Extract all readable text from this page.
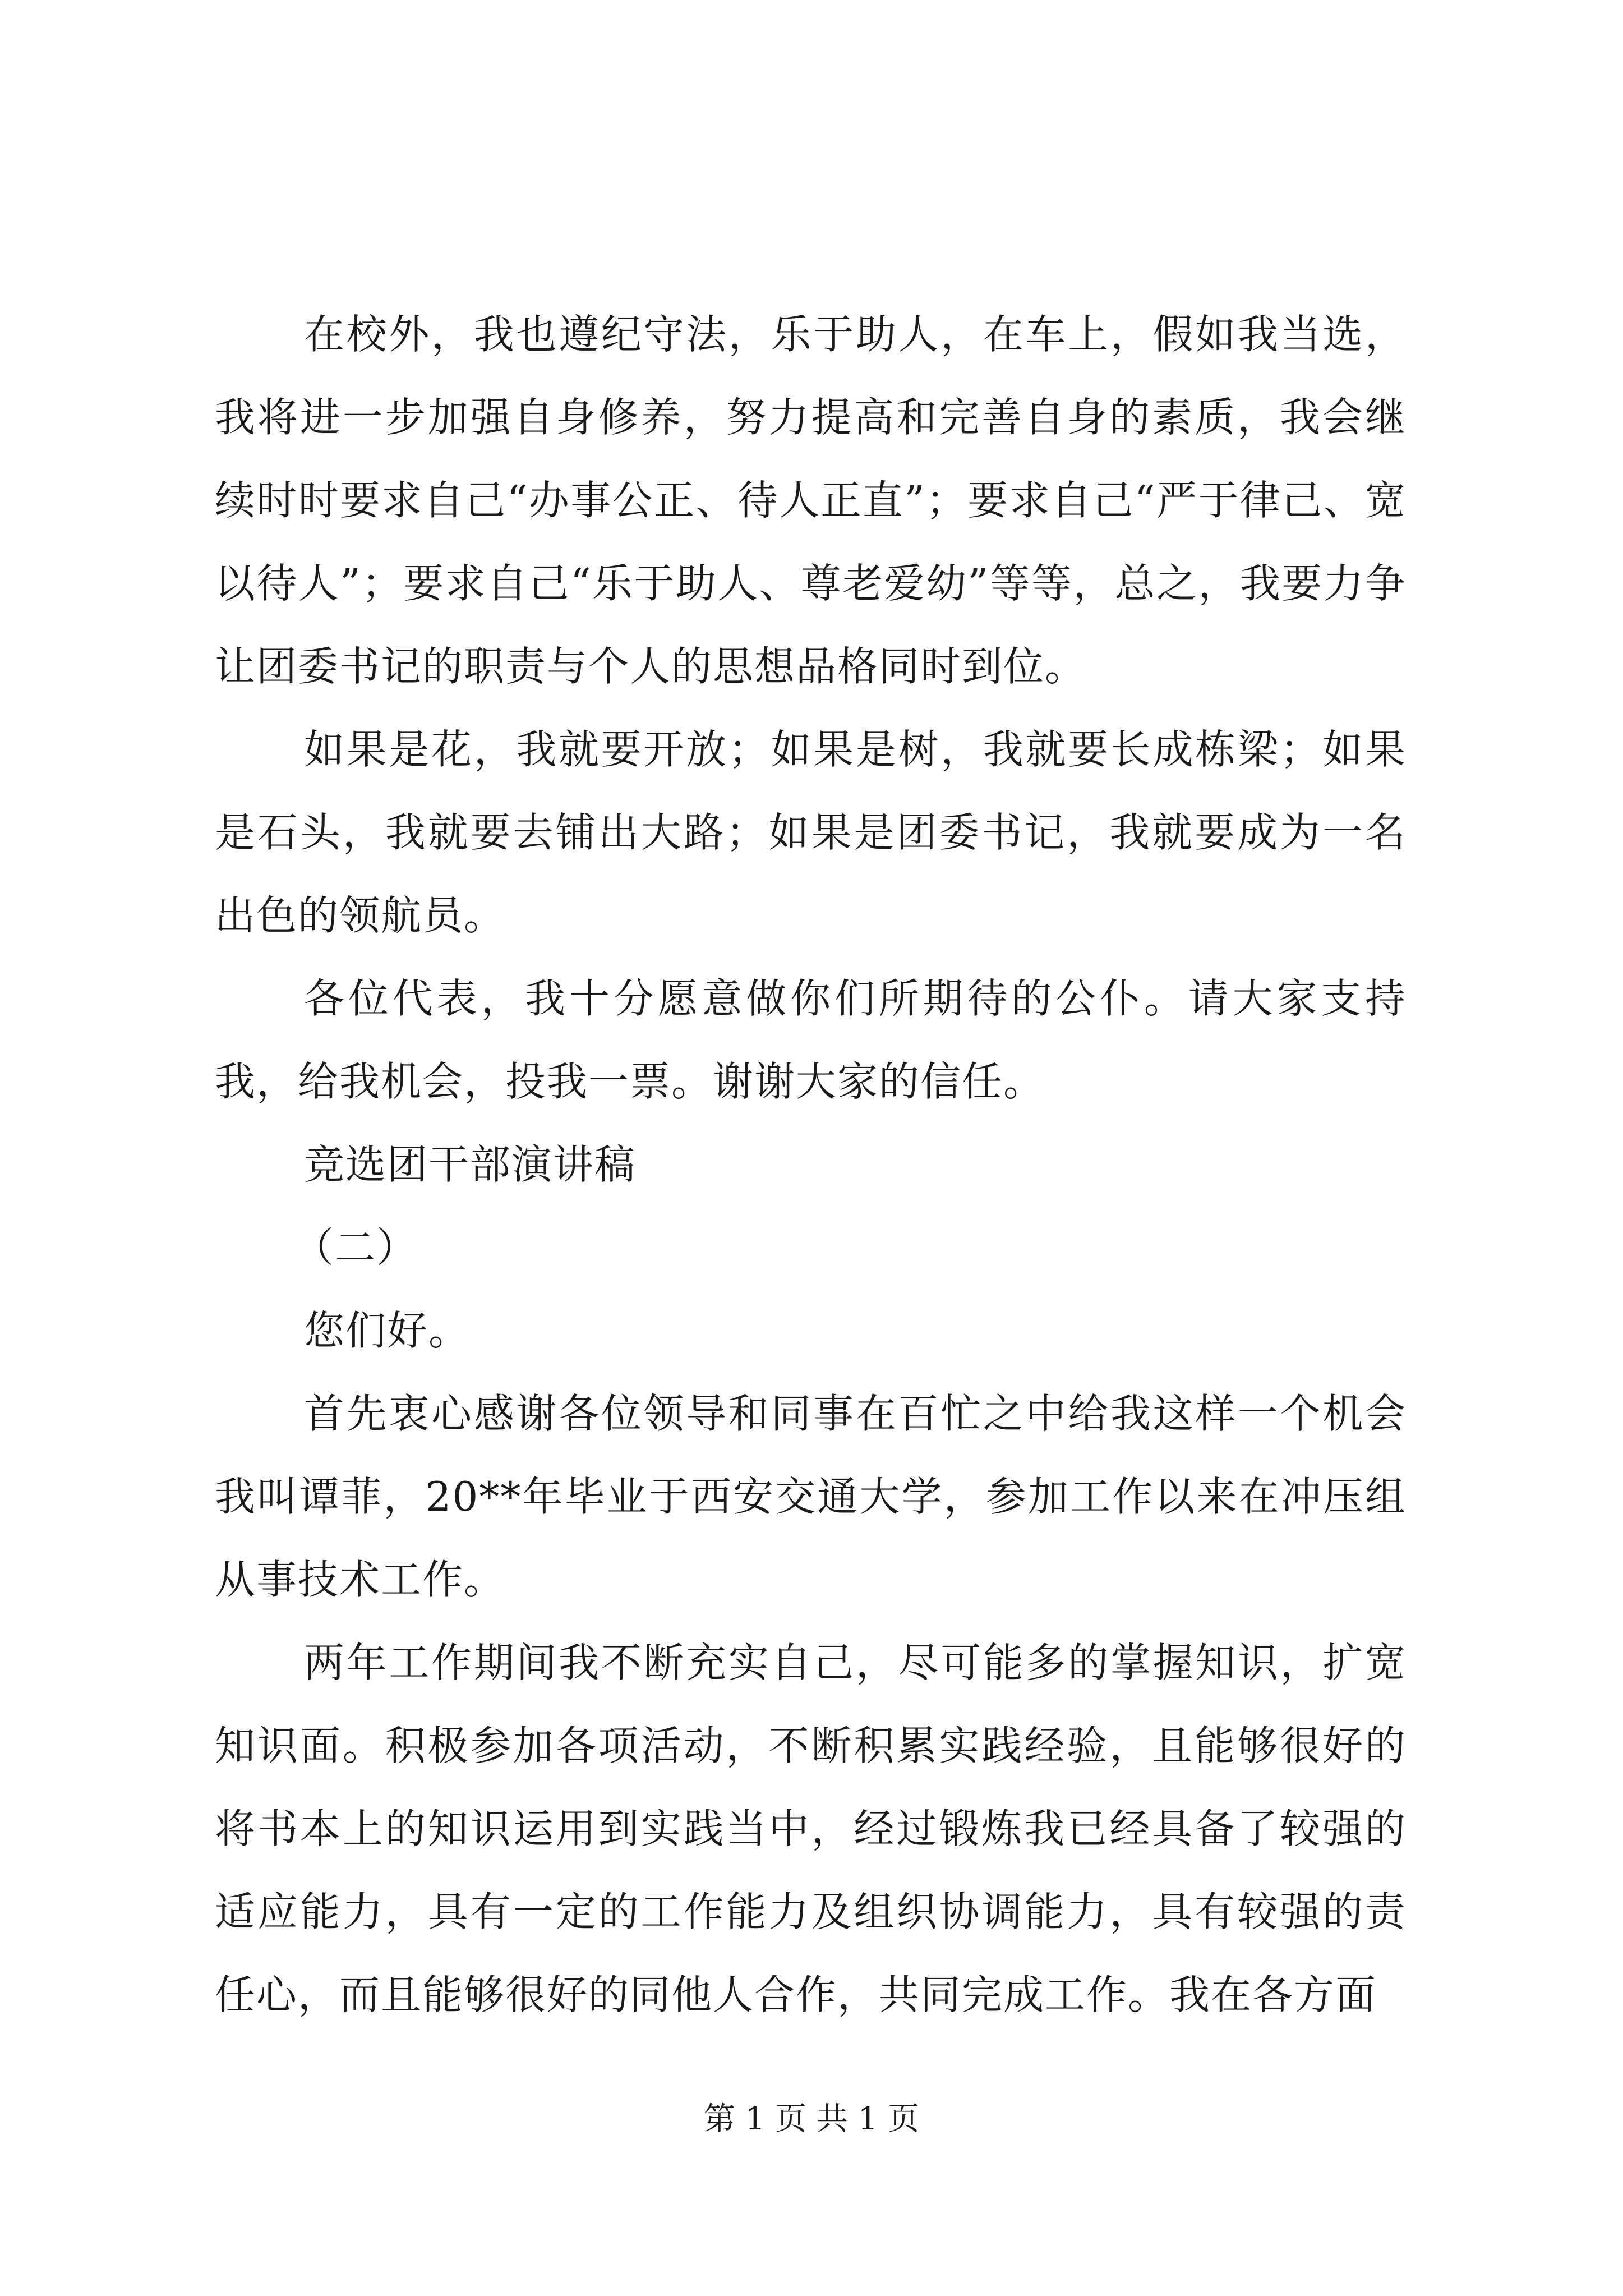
在校外，我也遵纪守法，乐于助人，在车上，假如我当选，我将进一步加强自身修养，努力提高和完善自身的素质，我会继续时时要求自己“办事公正、待人正直”；要求自己“严于律己、宽以待人”；要求自己“乐于助人、尊老爱幼”等等，总之，我要力争让团委书记的职责与个人的思想品格同时到位。

如果是花，我就要开放；如果是树，我就要长成栋梁；如果是石头，我就要去铺出大路；如果是团委书记，我就要成为一名出色的领航员。

各位代表，我十分愿意做你们所期待的公仆。请大家支持我，给我机会，投我一票。谢谢大家的信任。

竞选团干部演讲稿

（二）

您们好。

首先衷心感谢各位领导和同事在百忙之中给我这样一个机会我叫谭菲，20**年毕业于西安交通大学，参加工作以来在冲压组从事技术工作。

两年工作期间我不断充实自己，尽可能多的掌握知识，扩宽知识面。积极参加各项活动，不断积累实践经验，且能够很好的将书本上的知识运用到实践当中，经过锻炼我已经具备了较强的适应能力，具有一定的工作能力及组织协调能力，具有较强的责任心，而且能够很好的同他人合作，共同完成工作。我在各方面

第 1 页 共 1 页
